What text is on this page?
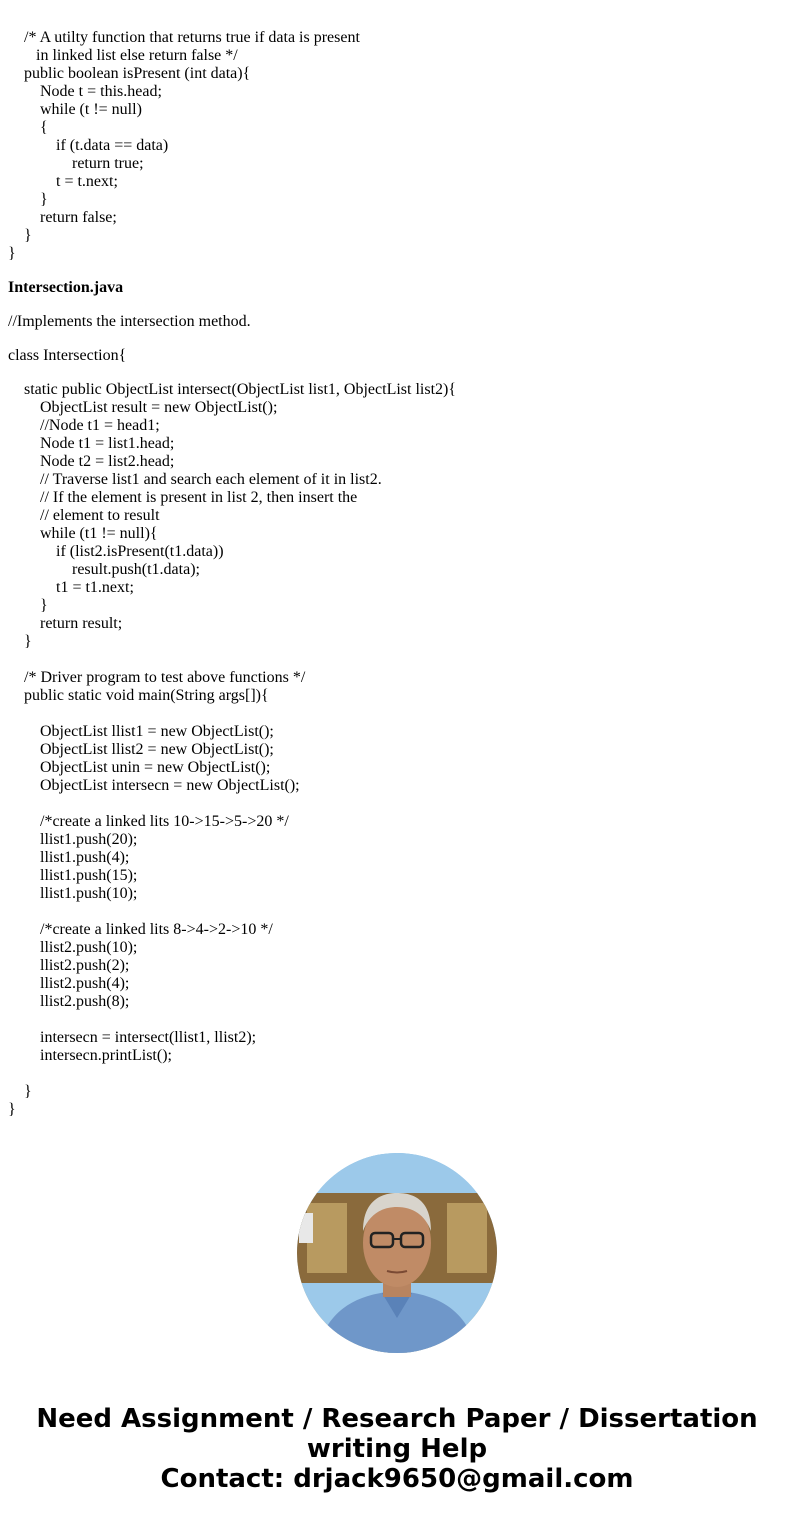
/* A utilty function that returns true if data is present
in linked list else return false */
public boolean isPresent (int data){
Node t = this.head;
while (t != null)
{
if (t.data == data)
return true;
t = t.next;
}
return false;
}
}

Intersection.java

//Implements the intersection method.

class Intersection{

static public ObjectList intersect(ObjectList list1, ObjectList list2){
ObjectList result = new ObjectList();
//Node t1 = head1;
Node t1 = list1.head;
Node t2 = list2.head;
// Traverse list1 and search each element of it in list2.
// If the element is present in list 2, then insert the
// element to result
while (t1 != null){
if (list2.isPresent(t1.data))
result.push(t1.data);
t1 = t1.next;
}
return result;
}

/* Driver program to test above functions */
public static void main(String args[]){

ObjectList llist1 = new ObjectList();
ObjectList llist2 = new ObjectList();
ObjectList unin = new ObjectList();
ObjectList intersecn = new ObjectList();

/*create a linked lits 10->15->5->20 */
llist1.push(20);
llist1.push(4);
llist1.push(15);
llist1.push(10);

/*create a linked lits 8->4->2->10 */
llist2.push(10);
llist2.push(2);
llist2.push(4);
llist2.push(8);

intersecn = intersect(llist1, llist2);
intersecn.printList();

}
}
Need Assignment / Research Paper / Dissertation
writing Help
Contact: drjack9650@gmail.com
